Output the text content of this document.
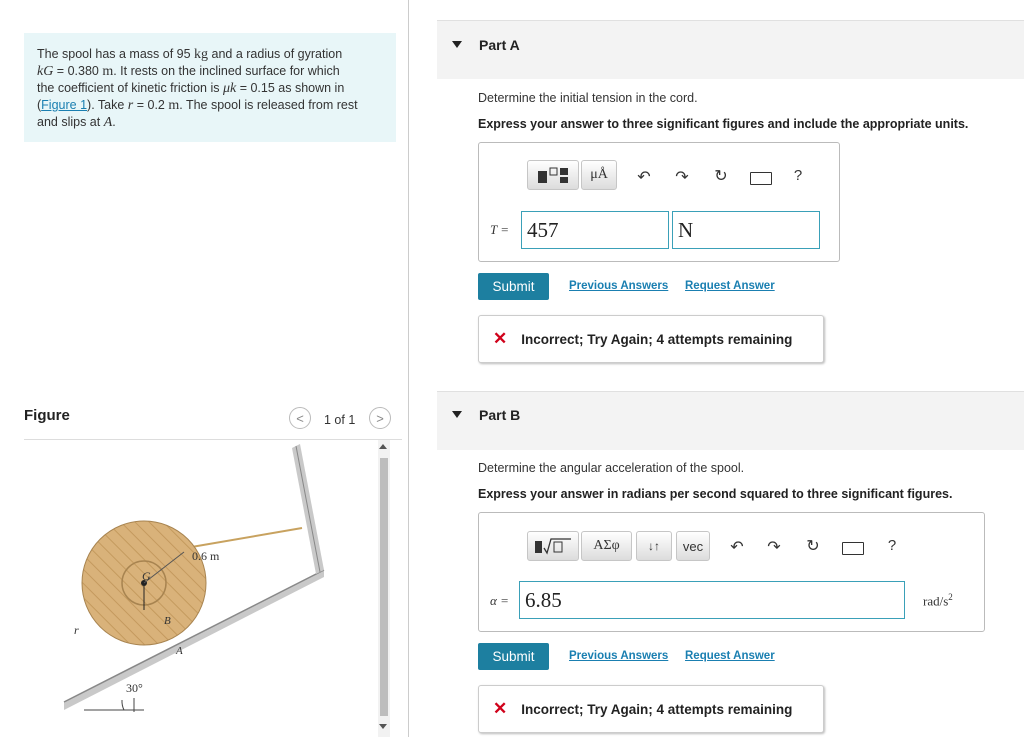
The spool has a mass of 95 kg and a radius of gyration
kG = 0.380 m. It rests on the inclined surface for which
the coefficient of kinetic friction is μk = 0.15 as shown in
(Figure 1). Take r = 0.2 m. The spool is released from rest
and slips at A.
Figure	<	1 of 1	>
0.6 m
G
B
A
r
30°
Part A
Determine the initial tension in the cord.
Express your answer to three significant figures and include the appropriate units.
μÅ	↶	↷	↻	?
T = 457	N
Submit	Previous Answers Request Answer
✕ Incorrect; Try Again; 4 attempts remaining
Part B
Determine the angular acceleration of the spool.
Express your answer in radians per second squared to three significant figures.
ΑΣφ	↓↑	vec	↶	↷	↻	?
α = 6.85	rad/$s^2$
Submit	Previous Answers Request Answer
✕ Incorrect; Try Again; 4 attempts remaining
